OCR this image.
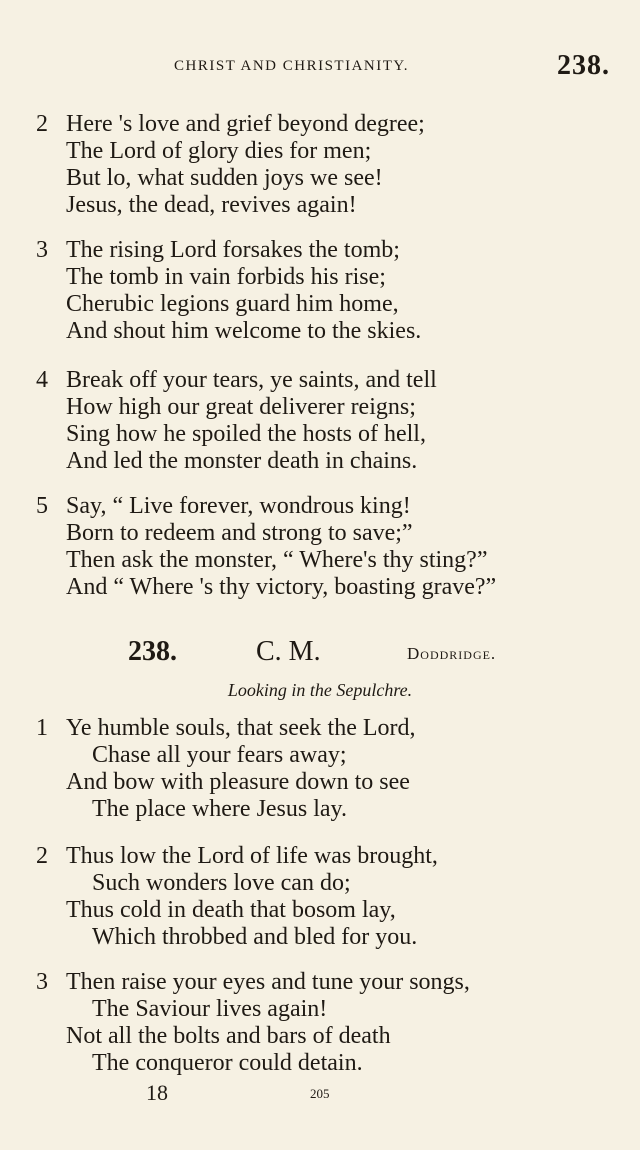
CHRIST AND CHRISTIANITY.	238.
2 Here 's love and grief beyond degree;
The Lord of glory dies for men;
But lo, what sudden joys we see!
Jesus, the dead, revives again!
3 The rising Lord forsakes the tomb;
The tomb in vain forbids his rise;
Cherubic legions guard him home,
And shout him welcome to the skies.
4 Break off your tears, ye saints, and tell
How high our great deliverer reigns;
Sing how he spoiled the hosts of hell,
And led the monster death in chains.
5 Say, “ Live forever, wondrous king!
Born to redeem and strong to save;”
Then ask the monster, “ Where's thy sting?”
And “ Where 's thy victory, boasting grave?”
238.	C. M.	Doddridge.
Looking in the Sepulchre.
1 Ye humble souls, that seek the Lord,
Chase all your fears away;
And bow with pleasure down to see
The place where Jesus lay.
2 Thus low the Lord of life was brought,
Such wonders love can do;
Thus cold in death that bosom lay,
Which throbbed and bled for you.
3 Then raise your eyes and tune your songs,
The Saviour lives again!
Not all the bolts and bars of death
The conqueror could detain.
18	205
